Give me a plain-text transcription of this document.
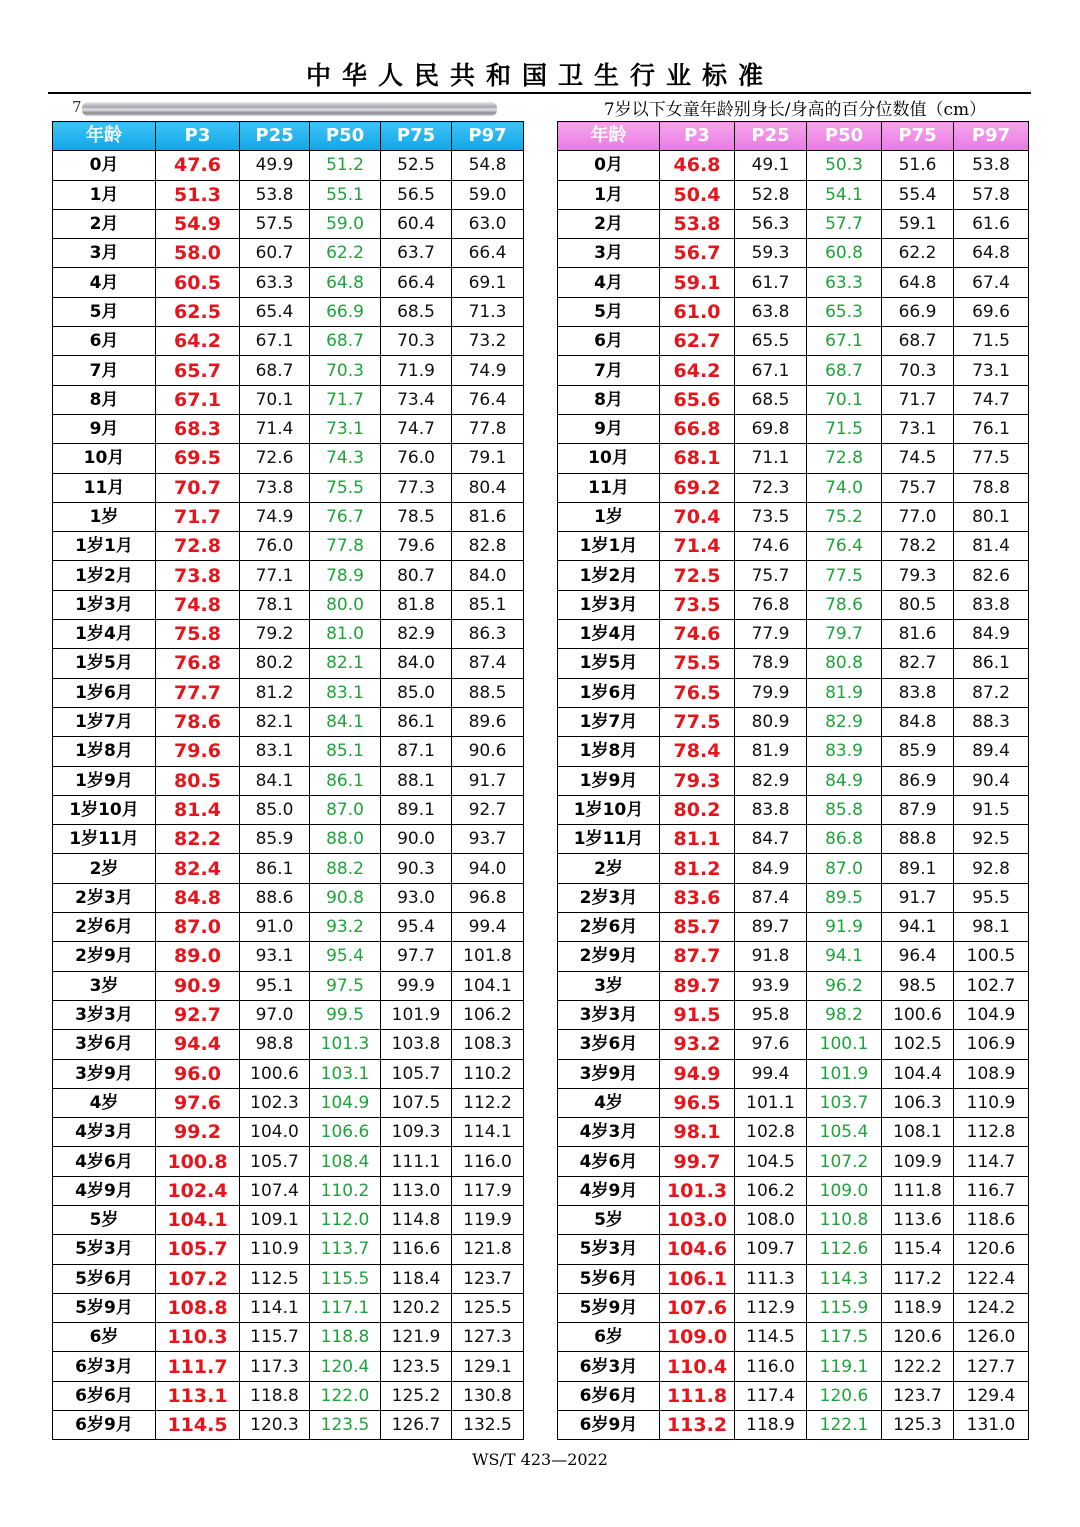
中华人民共和国卫生行业标准
7	7岁以下女童年龄别身长/身高的百分位数值（cm）
年龄	P3	P25	P50	P75	P97
0月	47.6	49.9	51.2	52.5	54.8
1月	51.3	53.8	55.1	56.5	59.0
2月	54.9	57.5	59.0	60.4	63.0
3月	58.0	60.7	62.2	63.7	66.4
4月	60.5	63.3	64.8	66.4	69.1
5月	62.5	65.4	66.9	68.5	71.3
6月	64.2	67.1	68.7	70.3	73.2
7月	65.7	68.7	70.3	71.9	74.9
8月	67.1	70.1	71.7	73.4	76.4
9月	68.3	71.4	73.1	74.7	77.8
10月	69.5	72.6	74.3	76.0	79.1
11月	70.7	73.8	75.5	77.3	80.4
1岁	71.7	74.9	76.7	78.5	81.6
1岁1月	72.8	76.0	77.8	79.6	82.8
1岁2月	73.8	77.1	78.9	80.7	84.0
1岁3月	74.8	78.1	80.0	81.8	85.1
1岁4月	75.8	79.2	81.0	82.9	86.3
1岁5月	76.8	80.2	82.1	84.0	87.4
1岁6月	77.7	81.2	83.1	85.0	88.5
1岁7月	78.6	82.1	84.1	86.1	89.6
1岁8月	79.6	83.1	85.1	87.1	90.6
1岁9月	80.5	84.1	86.1	88.1	91.7
1岁10月	81.4	85.0	87.0	89.1	92.7
1岁11月	82.2	85.9	88.0	90.0	93.7
2岁	82.4	86.1	88.2	90.3	94.0
2岁3月	84.8	88.6	90.8	93.0	96.8
2岁6月	87.0	91.0	93.2	95.4	99.4
2岁9月	89.0	93.1	95.4	97.7	101.8
3岁	90.9	95.1	97.5	99.9	104.1
3岁3月	92.7	97.0	99.5	101.9	106.2
3岁6月	94.4	98.8	101.3	103.8	108.3
3岁9月	96.0	100.6	103.1	105.7	110.2
4岁	97.6	102.3	104.9	107.5	112.2
4岁3月	99.2	104.0	106.6	109.3	114.1
4岁6月	100.8	105.7	108.4	111.1	116.0
4岁9月	102.4	107.4	110.2	113.0	117.9
5岁	104.1	109.1	112.0	114.8	119.9
5岁3月	105.7	110.9	113.7	116.6	121.8
5岁6月	107.2	112.5	115.5	118.4	123.7
5岁9月	108.8	114.1	117.1	120.2	125.5
6岁	110.3	115.7	118.8	121.9	127.3
6岁3月	111.7	117.3	120.4	123.5	129.1
6岁6月	113.1	118.8	122.0	125.2	130.8
6岁9月	114.5	120.3	123.5	126.7	132.5
年龄	P3	P25	P50	P75	P97
0月	46.8	49.1	50.3	51.6	53.8
1月	50.4	52.8	54.1	55.4	57.8
2月	53.8	56.3	57.7	59.1	61.6
3月	56.7	59.3	60.8	62.2	64.8
4月	59.1	61.7	63.3	64.8	67.4
5月	61.0	63.8	65.3	66.9	69.6
6月	62.7	65.5	67.1	68.7	71.5
7月	64.2	67.1	68.7	70.3	73.1
8月	65.6	68.5	70.1	71.7	74.7
9月	66.8	69.8	71.5	73.1	76.1
10月	68.1	71.1	72.8	74.5	77.5
11月	69.2	72.3	74.0	75.7	78.8
1岁	70.4	73.5	75.2	77.0	80.1
1岁1月	71.4	74.6	76.4	78.2	81.4
1岁2月	72.5	75.7	77.5	79.3	82.6
1岁3月	73.5	76.8	78.6	80.5	83.8
1岁4月	74.6	77.9	79.7	81.6	84.9
1岁5月	75.5	78.9	80.8	82.7	86.1
1岁6月	76.5	79.9	81.9	83.8	87.2
1岁7月	77.5	80.9	82.9	84.8	88.3
1岁8月	78.4	81.9	83.9	85.9	89.4
1岁9月	79.3	82.9	84.9	86.9	90.4
1岁10月	80.2	83.8	85.8	87.9	91.5
1岁11月	81.1	84.7	86.8	88.8	92.5
2岁	81.2	84.9	87.0	89.1	92.8
2岁3月	83.6	87.4	89.5	91.7	95.5
2岁6月	85.7	89.7	91.9	94.1	98.1
2岁9月	87.7	91.8	94.1	96.4	100.5
3岁	89.7	93.9	96.2	98.5	102.7
3岁3月	91.5	95.8	98.2	100.6	104.9
3岁6月	93.2	97.6	100.1	102.5	106.9
3岁9月	94.9	99.4	101.9	104.4	108.9
4岁	96.5	101.1	103.7	106.3	110.9
4岁3月	98.1	102.8	105.4	108.1	112.8
4岁6月	99.7	104.5	107.2	109.9	114.7
4岁9月	101.3	106.2	109.0	111.8	116.7
5岁	103.0	108.0	110.8	113.6	118.6
5岁3月	104.6	109.7	112.6	115.4	120.6
5岁6月	106.1	111.3	114.3	117.2	122.4
5岁9月	107.6	112.9	115.9	118.9	124.2
6岁	109.0	114.5	117.5	120.6	126.0
6岁3月	110.4	116.0	119.1	122.2	127.7
6岁6月	111.8	117.4	120.6	123.7	129.4
6岁9月	113.2	118.9	122.1	125.3	131.0
WS/T 423—2022
